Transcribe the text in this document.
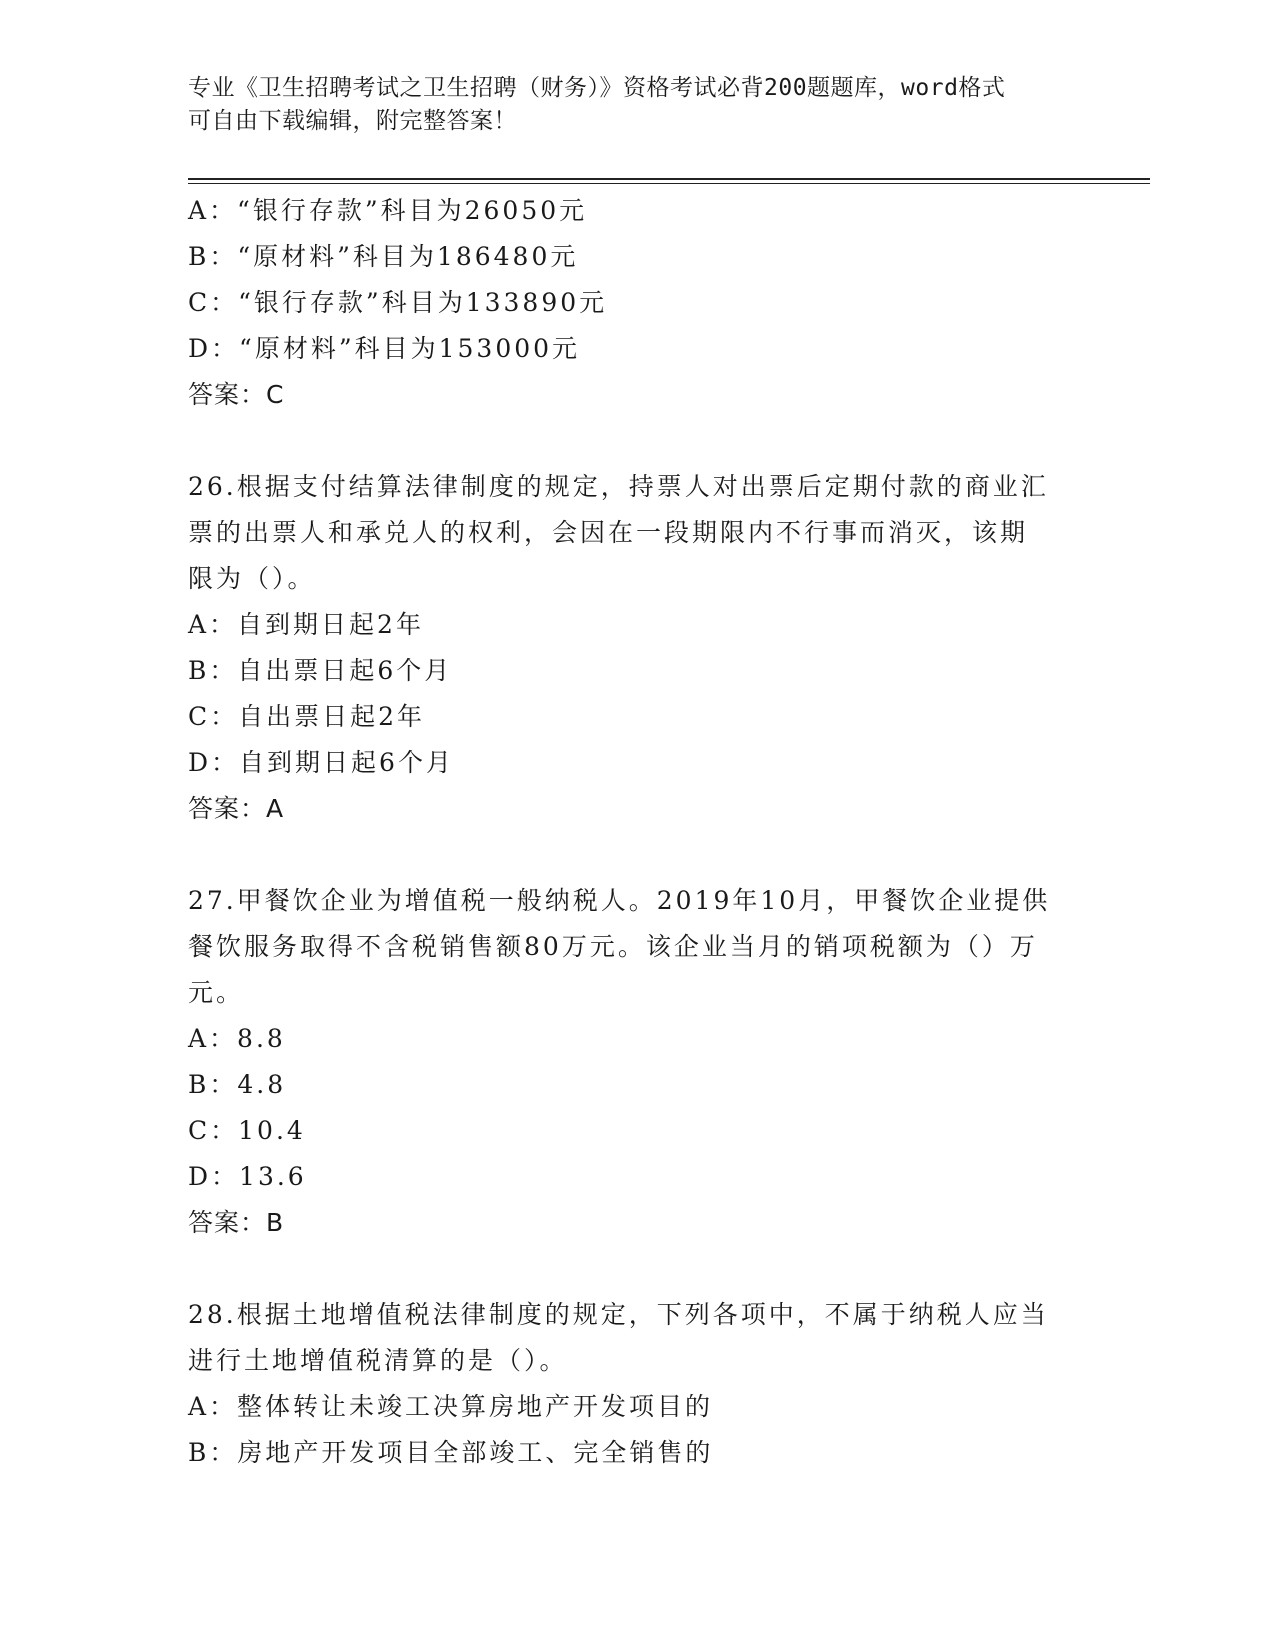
专业《卫生招聘考试之卫生招聘（财务）》资格考试必背200题题库，word格式
可自由下载编辑，附完整答案！
A：“银行存款”科目为26050元
B：“原材料”科目为186480元
C：“银行存款”科目为133890元
D：“原材料”科目为153000元
答案：C
26.根据支付结算法律制度的规定，持票人对出票后定期付款的商业汇
票的出票人和承兑人的权利，会因在一段期限内不行事而消灭，该期
限为（）。
A：自到期日起2年
B：自出票日起6个月
C：自出票日起2年
D：自到期日起6个月
答案：A
27.甲餐饮企业为增值税一般纳税人。2019年10月，甲餐饮企业提供
餐饮服务取得不含税销售额80万元。该企业当月的销项税额为（）万
元。
A：8.8
B：4.8
C：10.4
D：13.6
答案：B
28.根据土地增值税法律制度的规定，下列各项中，不属于纳税人应当
进行土地增值税清算的是（）。
A：整体转让未竣工决算房地产开发项目的
B：房地产开发项目全部竣工、完全销售的
